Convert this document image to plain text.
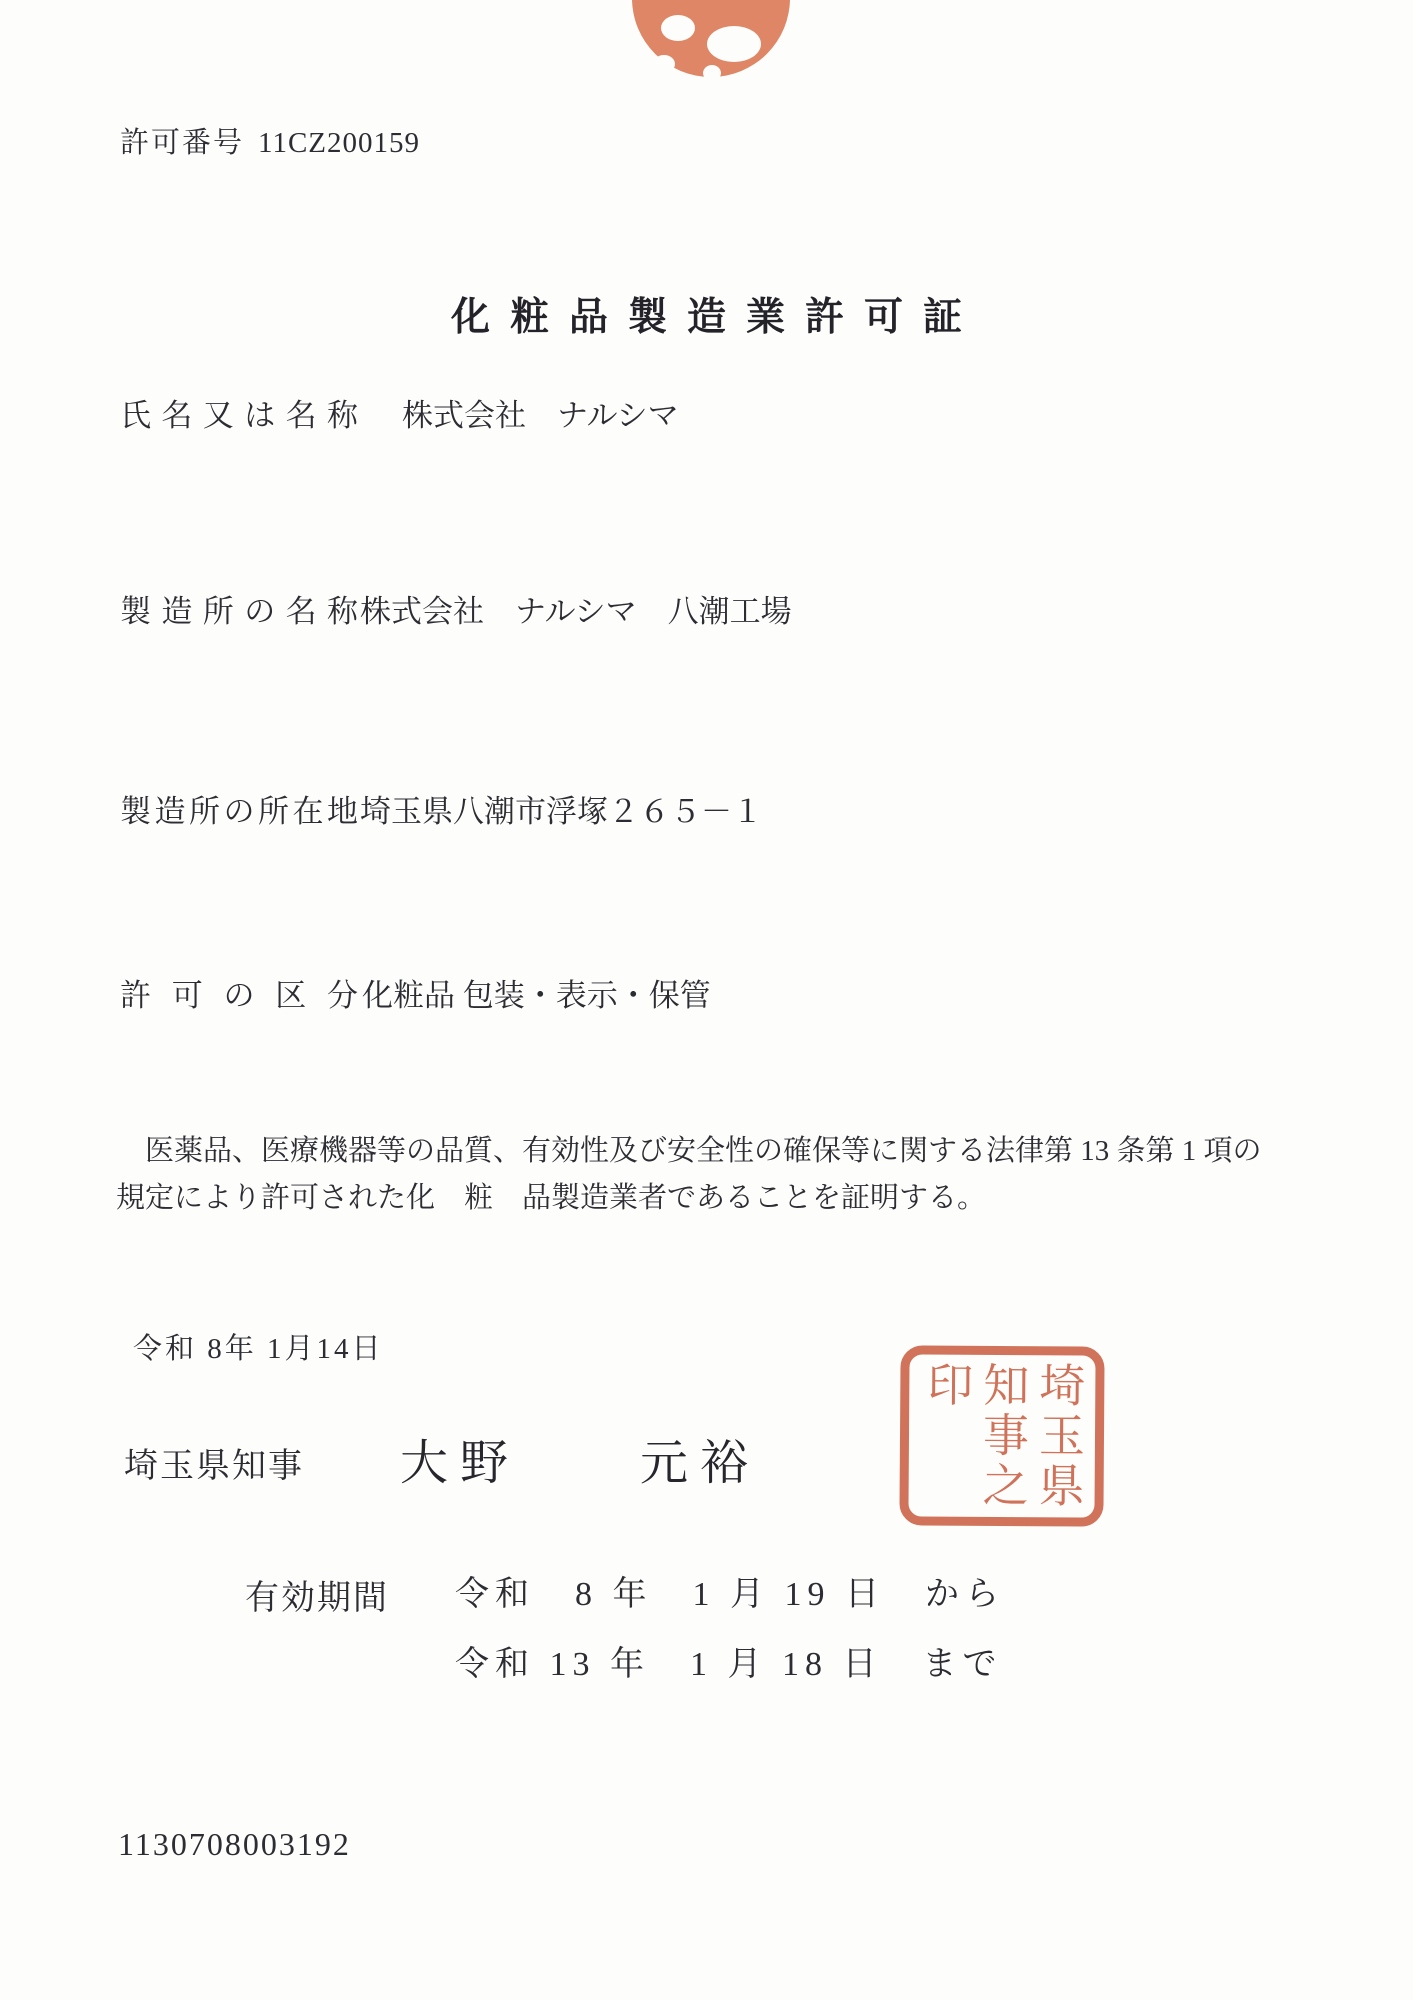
許可番号 11CZ200159
化粧品製造業許可証
氏名又は名称 株式会社　ナルシマ
製造所の名称 株式会社　ナルシマ　八潮工場
製造所の所在地 埼玉県八潮市浮塚２６５－１
許可の区分 化粧品 包装・表示・保管
医薬品、医療機器等の品質、有効性及び安全性の確保等に関する法律第 13 条第 1 項の規定により許可された化　粧　品製造業者であることを証明する。
令和 8年 1月14日
埼玉県知事 大野　　元裕	埼玉県知事之印
有効期間 令和　8 年　1 月 19 日　から
令和 13 年　1 月 18 日　まで
1130708003192
